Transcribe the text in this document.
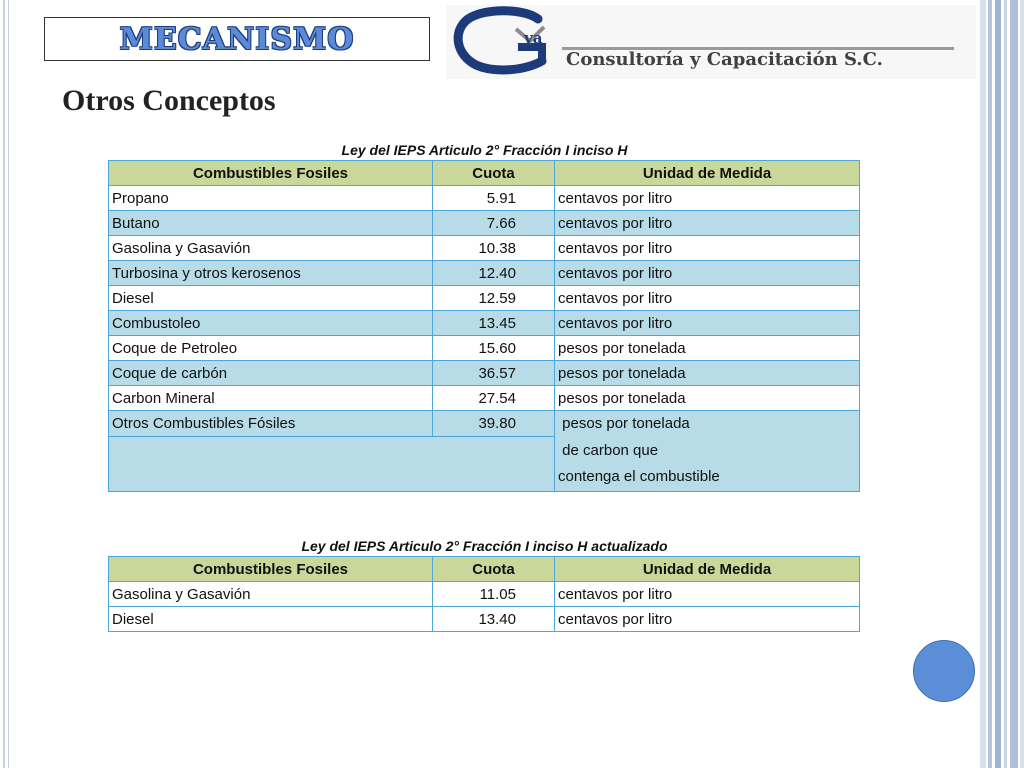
MECANISMO	va
Consultoría y Capacitación S.C.
Otros Conceptos
Ley del IEPS Articulo 2° Fracción I inciso H
Combustibles Fosiles	Cuota	Unidad de Medida
Propano	5.91	centavos por litro
Butano	7.66	centavos por litro
Gasolina y Gasavión	10.38	centavos por litro
Turbosina y otros kerosenos	12.40	centavos por litro
Diesel	12.59	centavos por litro
Combustoleo	13.45	centavos por litro
Coque de Petroleo	15.60	pesos por tonelada
Coque de carbón	36.57	pesos por tonelada
Carbon Mineral	27.54	pesos por tonelada
Otros Combustibles Fósiles	39.80	pesos por tonelada
de carbon que
contenga el combustible

Ley del IEPS Articulo 2° Fracción I inciso H actualizado
Combustibles Fosiles	Cuota	Unidad de Medida
Gasolina y Gasavión	11.05	centavos por litro
Diesel	13.40	centavos por litro
